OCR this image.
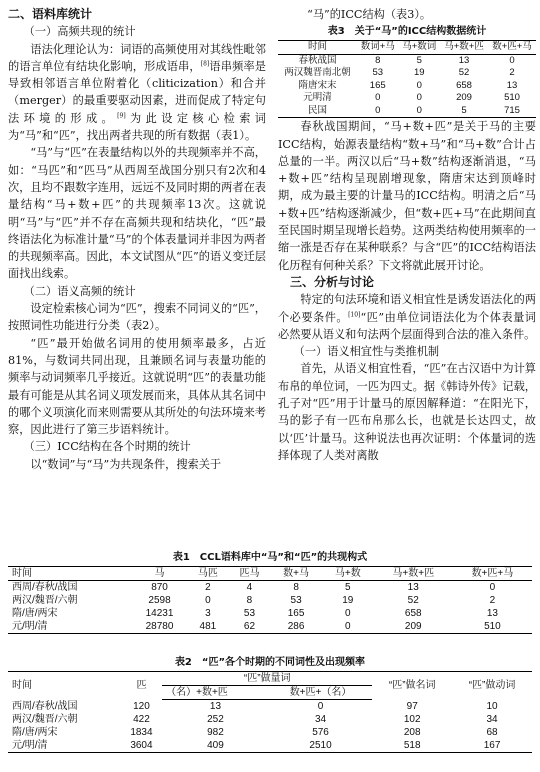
二、语料库统计
（一）高频共现的统计

语法化理论认为：词语的高频使用对其线性毗邻的语言单位有结块化影响，形成语串，[8]语串频率是导致相邻语言单位附着化（cliticization）和合并（merger）的最重要驱动因素，进而促成了特定句法环境的形成。[9]为此设定核心检索词为“马”和“匹”，找出两者共现的所有数据（表1）。

“马”与“匹”在表量结构以外的共现频率并不高，如：“马匹”和“匹马”从西周至战国分别只有2次和4次，且均不跟数字连用，远远不及同时期的两者在表量结构“马+数+匹”的共现频率13次。这就说明“马”与“匹”并不存在高频共现和结块化，“匹”最终语法化为标准计量“马”的个体表量词并非因为两者的共现频率高。因此，本文试图从“匹”的语义变迁层面找出线索。

（二）语义高频的统计

设定检索核心词为“匹”，搜索不同词义的“匹”，按照词性功能进行分类（表2）。

“匹”最开始做名词用的使用频率最多，占近81%，与数词共同出现，且兼顾名词与表量功能的频率与动词频率几乎接近。这就说明“匹”的表量功能最有可能是从其名词义项发展而来，具体从其名词中的哪个义项演化而来则需要从其所处的句法环境来考察，因此进行了第三步语料统计。

（三）ICC结构在各个时期的统计

以“数词”与“马”为共现条件，搜索关于

“马”的ICC结构（表3）。
表3　关于“马”的ICC结构数据统计
时间	数词+马	马+数词	马+数+匹	数+匹+马
春秋战国	8	5	13	0
两汉魏晋南北朝	53	19	52	2
隋唐宋末	165	0	658	13
元明清	0	0	209	510
民国	0	0	5	715

春秋战国期间，“马+数+匹”是关于马的主要ICC结构，始源表量结构“数+马”和“马+数”合计占总量的一半。两汉以后“马+数”结构逐渐消退，“马+数+匹”结构呈现剧增现象，隋唐宋达到顶峰时期，成为最主要的计量马的ICC结构。明清之后“马+数+匹”结构逐渐减少，但“数+匹+马”在此期间直至民国时期呈现增长趋势。这两类结构使用频率的一缩一涨是否存在某种联系？与含“匹”的ICC结构语法化历程有何种关系？下文将就此展开讨论。

三、分析与讨论

特定的句法环境和语义相宜性是诱发语法化的两个必要条件。[10]“匹”由单位词语法化为个体表量词必然要从语义和句法两个层面得到合法的准入条件。

（一）语义相宜性与类推机制

首先，从语义相宜性看，“匹”在古汉语中为计算布帛的单位词，一匹为四丈。据《韩诗外传》记载，孔子对“匹”用于计量马的原因解释道：“在阳光下，马的影子有一匹布帛那么长，也就是长达四丈，故以‘匹’计量马。这种说法也再次证明：个体量词的选择体现了人类对离散

表1　CCL语料库中“马”和“匹”的共现构式
时间	马	马匹	匹马	数+马	马+数	马+数+匹	数+匹+马
西周/春秋/战国	870	2	4	8	5	13	0
两汉/魏晋/六朝	2598	0	8	53	19	52	2
隋/唐/两宋	14231	3	53	165	0	658	13
元/明/清	28780	481	62	286	0	209	510
表2　“匹”各个时期的不同词性及出现频率
时间	匹	“匹”做量词		“匹”做名词	“匹”做动词
		（名）+数+匹	数+匹+（名）		
西周/春秋/战国	120	13	0	97	10
两汉/魏晋/六朝	422	252	34	102	34
隋/唐/两宋	1834	982	576	208	68
元/明/清	3604	409	2510	518	167
